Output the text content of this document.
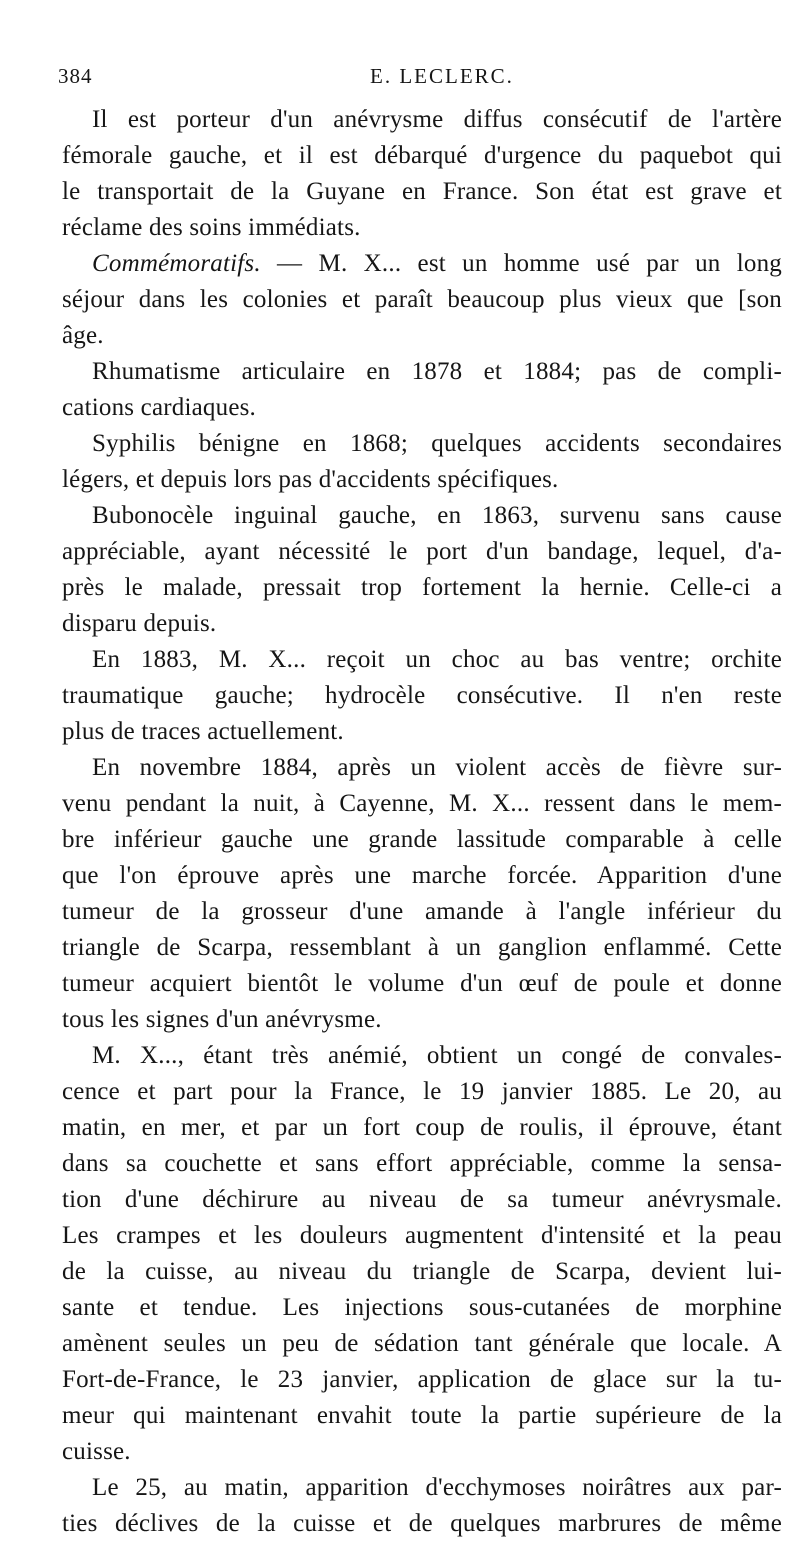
384	E. LECLERC.
Il est porteur d'un anévrysme diffus consécutif de l'artère
fémorale gauche, et il est débarqué d'urgence du paquebot qui
le transportait de la Guyane en France. Son état est grave et
réclame des soins immédiats.
Commémoratifs. — M. X... est un homme usé par un long
séjour dans les colonies et paraît beaucoup plus vieux que [son
âge.
Rhumatisme articulaire en 1878 et 1884; pas de compli-
cations cardiaques.
Syphilis bénigne en 1868; quelques accidents secondaires
légers, et depuis lors pas d'accidents spécifiques.
Bubonocèle inguinal gauche, en 1863, survenu sans cause
appréciable, ayant nécessité le port d'un bandage, lequel, d'a-
près le malade, pressait trop fortement la hernie. Celle-ci a
disparu depuis.
En 1883, M. X... reçoit un choc au bas ventre; orchite
traumatique gauche; hydrocèle consécutive. Il n'en reste
plus de traces actuellement.
En novembre 1884, après un violent accès de fièvre sur-
venu pendant la nuit, à Cayenne, M. X... ressent dans le mem-
bre inférieur gauche une grande lassitude comparable à celle
que l'on éprouve après une marche forcée. Apparition d'une
tumeur de la grosseur d'une amande à l'angle inférieur du
triangle de Scarpa, ressemblant à un ganglion enflammé. Cette
tumeur acquiert bientôt le volume d'un œuf de poule et donne
tous les signes d'un anévrysme.
M. X..., étant très anémié, obtient un congé de convales-
cence et part pour la France, le 19 janvier 1885. Le 20, au
matin, en mer, et par un fort coup de roulis, il éprouve, étant
dans sa couchette et sans effort appréciable, comme la sensa-
tion d'une déchirure au niveau de sa tumeur anévrysmale.
Les crampes et les douleurs augmentent d'intensité et la peau
de la cuisse, au niveau du triangle de Scarpa, devient lui-
sante et tendue. Les injections sous-cutanées de morphine
amènent seules un peu de sédation tant générale que locale. A
Fort-de-France, le 23 janvier, application de glace sur la tu-
meur qui maintenant envahit toute la partie supérieure de la
cuisse.
Le 25, au matin, apparition d'ecchymoses noirâtres aux par-
ties déclives de la cuisse et de quelques marbrures de même
